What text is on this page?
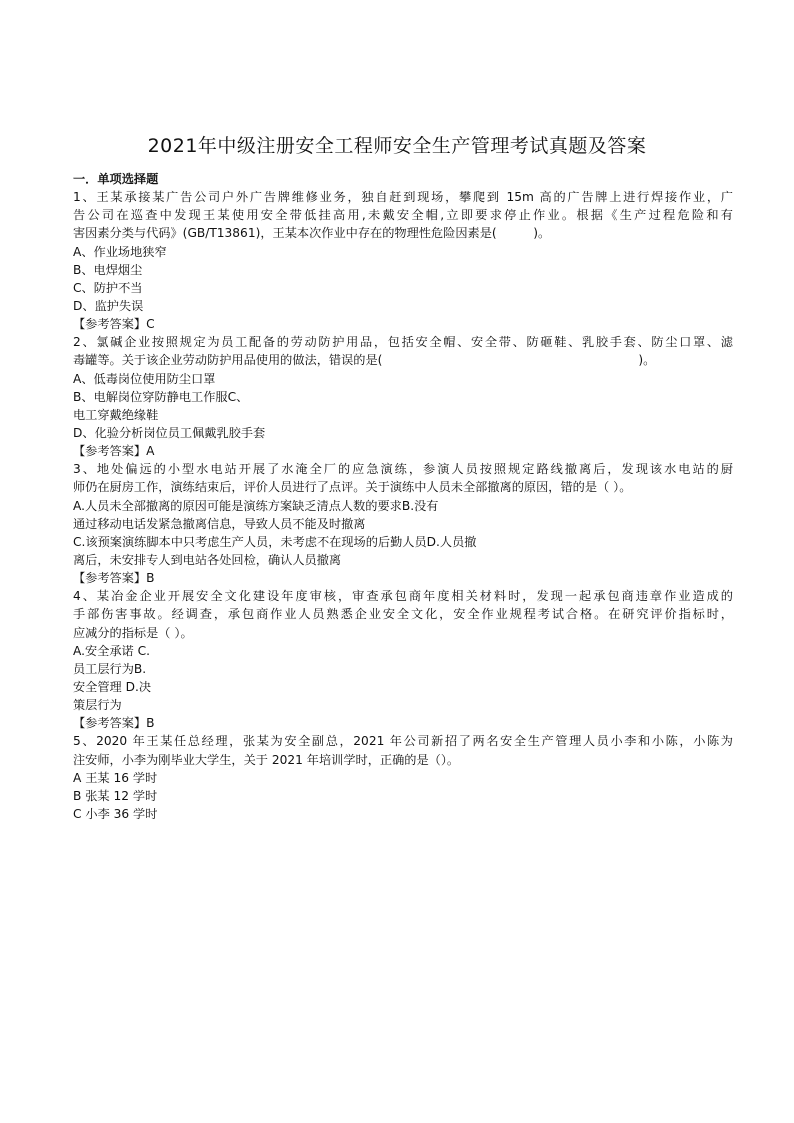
2021年中级注册安全工程师安全生产管理考试真题及答案
一．单项选择题
1、王某承接某广告公司户外广告牌维修业务，独自赶到现场，攀爬到 15m 高的广告牌上进行焊接作业，广
告公司在巡查中发现王某使用安全带低挂高用,未戴安全帽,立即要求停止作业。根据《生产过程危险和有
害因素分类与代码》(GB/T13861)，王某本次作业中存在的物理性危险因素是(　　　)。
A、作业场地狭窄
B、电焊烟尘
C、防护不当
D、监护失误
【参考答案】C
2、氯碱企业按照规定为员工配备的劳动防护用品，包括安全帽、安全带、防砸鞋、乳胶手套、防尘口罩、滤
毒罐等。关于该企业劳动防护用品使用的做法，错误的是(　　　　　　　　　　　　　　　　　　　　　)。
A、低毒岗位使用防尘口罩
B、电解岗位穿防静电工作服C、
电工穿戴绝缘鞋
D、化验分析岗位员工佩戴乳胶手套
【参考答案】A
3、地处偏远的小型水电站开展了水淹全厂的应急演练，参演人员按照规定路线撤离后，发现该水电站的厨
师仍在厨房工作，演练结束后，评价人员进行了点评。关于演练中人员未全部撤离的原因，错的是（ ）。
A.人员未全部撤离的原因可能是演练方案缺乏清点人数的要求B.没有
通过移动电话发紧急撤离信息，导致人员不能及时撤离
C.该预案演练脚本中只考虑生产人员，未考虑不在现场的后勤人员D.人员撤
离后，未安排专人到电站各处回检，确认人员撤离
【参考答案】B
4、某冶金企业开展安全文化建设年度审核，审查承包商年度相关材料时，发现一起承包商违章作业造成的
手部伤害事故。经调查，承包商作业人员熟悉企业安全文化，安全作业规程考试合格。在研究评价指标时，
应减分的指标是（ ）。
A.安全承诺 C.
员工层行为B.
安全管理 D.决
策层行为
【参考答案】B
5、2020 年王某任总经理，张某为安全副总，2021 年公司新招了两名安全生产管理人员小李和小陈，小陈为
注安师，小李为刚毕业大学生，关于 2021 年培训学时，正确的是（）。
A 王某 16 学时
B 张某 12 学时
C 小李 36 学时
